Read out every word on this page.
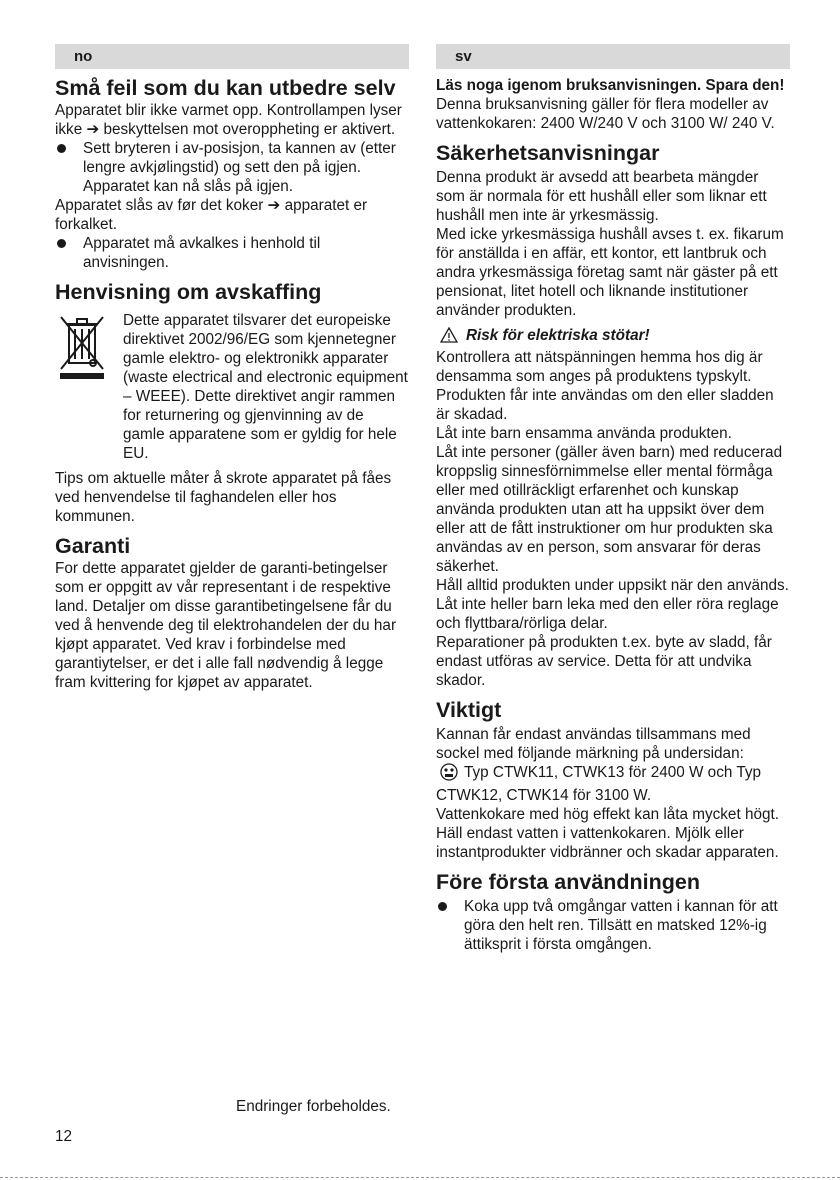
no
Små feil som du kan utbedre selv

Apparatet blir ikke varmet opp. Kontrollampen lyser ikke ➔ beskyttelsen mot overoppheting er aktivert.

Sett bryteren i av-posisjon, ta kannen av (etter lengre avkjølingstid) og sett den på igjen. Apparatet kan nå slås på igjen.

Apparatet slås av før det koker ➔ apparatet er forkalket.

Apparatet må avkalkes i henhold til anvisningen.
Henvisning om avskaffing

Dette apparatet tilsvarer det europeiske direktivet 2002/96/EG som kjennetegner gamle elektro- og elektronikk apparater (waste electrical and electronic equipment – WEEE). Dette direktivet angir rammen for returnering og gjenvinning av de gamle apparatene som er gyldig for hele EU.

Tips om aktuelle måter å skrote apparatet på fåes ved henvendelse til faghandelen eller hos kommunen.

Garanti

For dette apparatet gjelder de garanti-betingelser som er oppgitt av vår representant i de respektive land. Detaljer om disse garantibetingelsene får du ved å henvende deg til elektrohandelen der du har kjøpt apparatet. Ved krav i forbindelse med garantiytelser, er det i alle fall nødvendig å legge fram kvittering for kjøpet av apparatet.

sv

Läs noga igenom bruksanvisningen. Spara den!

Denna bruksanvisning gäller för flera modeller av vattenkokaren: 2400 W/240 V och 3100 W/ 240 V.

Säkerhetsanvisningar

Denna produkt är avsedd att bearbeta mängder som är normala för ett hushåll eller som liknar ett hushåll men inte är yrkesmässig.

Med icke yrkesmässiga hushåll avses t. ex. fikarum för anställda i en affär, ett kontor, ett lantbruk och andra yrkesmässiga företag samt när gäster på ett pensionat, litet hotell och liknande institutioner använder produkten.

Risk för elektriska stötar!

Kontrollera att nätspänningen hemma hos dig är densamma som anges på produktens typskylt.

Produkten får inte användas om den eller sladden är skadad.

Låt inte barn ensamma använda produkten.

Låt inte personer (gäller även barn) med reducerad kroppslig sinnesförnimmelse eller mental förmåga eller med otillräckligt erfarenhet och kunskap använda produkten utan att ha uppsikt över dem eller att de fått instruktioner om hur produkten ska användas av en person, som ansvarar för deras säkerhet.

Håll alltid produkten under uppsikt när den används.

Låt inte heller barn leka med den eller röra reglage och flyttbara/rörliga delar.

Reparationer på produkten t.ex. byte av sladd, får endast utföras av service. Detta för att undvika skador.

Viktigt

Kannan får endast användas tillsammans med sockel med följande märkning på undersidan:

Typ CTWK11, CTWK13 för 2400 W och Typ CTWK12, CTWK14 för 3100 W.

Vattenkokare med hög effekt kan låta mycket högt.

Häll endast vatten i vattenkokaren. Mjölk eller instantprodukter vidbränner och skadar apparaten.

Före första användningen
Koka upp två omgångar vatten i kannan för att göra den helt ren. Tillsätt en matsked 12%-ig ättiksprit i första omgången.
Endringer forbeholdes.
12
